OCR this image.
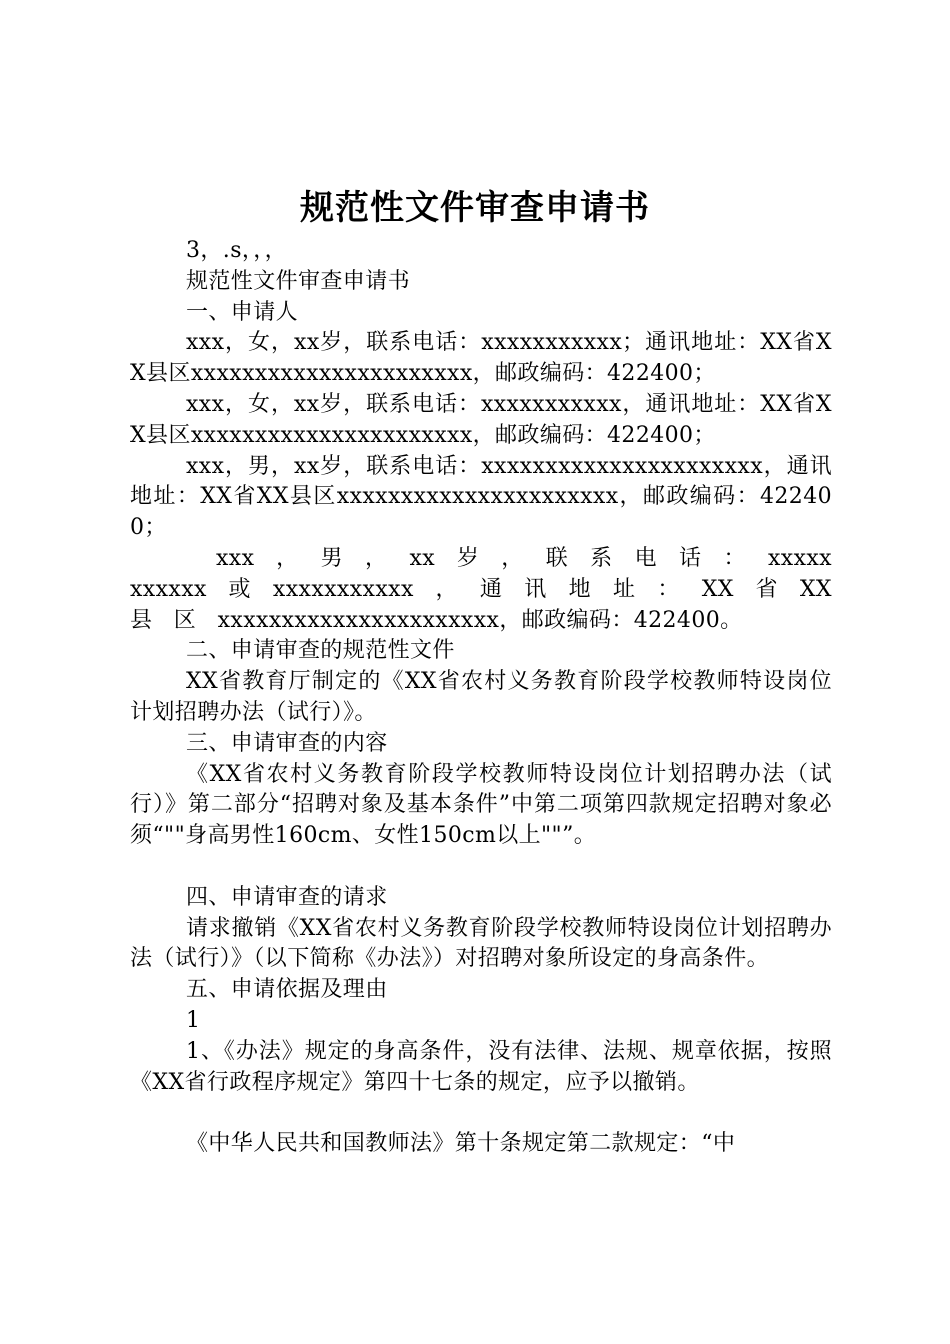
规范性文件审查申请书

3，.s，，，

规范性文件审查申请书

一、申请人

xxx，女，xx岁，联系电话：xxxxxxxxxxx；通讯地址：XX省XX县区xxxxxxxxxxxxxxxxxxxxxx，邮政编码：422400；

xxx，女，xx岁，联系电话：xxxxxxxxxxx，通讯地址：XX省XX县区xxxxxxxxxxxxxxxxxxxxxx，邮政编码：422400；

xxx，男，xx岁，联系电话：xxxxxxxxxxxxxxxxxxxxxx，通讯地址：XX省XX县区xxxxxxxxxxxxxxxxxxxxxx，邮政编码：422400；

xxx ， 男 ， xx 岁 ， 联 系 电 话 ： xxxxxxxxxxx 或 xxxxxxxxxxx ， 通 讯 地 址 ： XX 省 XX 县 区 xxxxxxxxxxxxxxxxxxxxxx，邮政编码：422400。

二、申请审查的规范性文件

XX省教育厅制定的《XX省农村义务教育阶段学校教师特设岗位计划招聘办法（试行）》。

三、申请审查的内容

《XX省农村义务教育阶段学校教师特设岗位计划招聘办法（试行）》第二部分“招聘对象及基本条件”中第二项第四款规定招聘对象必须“""身高男性160cm、女性150cm以上""”。

四、申请审查的请求

请求撤销《XX省农村义务教育阶段学校教师特设岗位计划招聘办法（试行）》（以下简称《办法》）对招聘对象所设定的身高条件。

五、申请依据及理由

1

1、《办法》规定的身高条件，没有法律、法规、规章依据，按照《XX省行政程序规定》第四十七条的规定，应予以撤销。

《中华人民共和国教师法》第十条规定第二款规定：“中
